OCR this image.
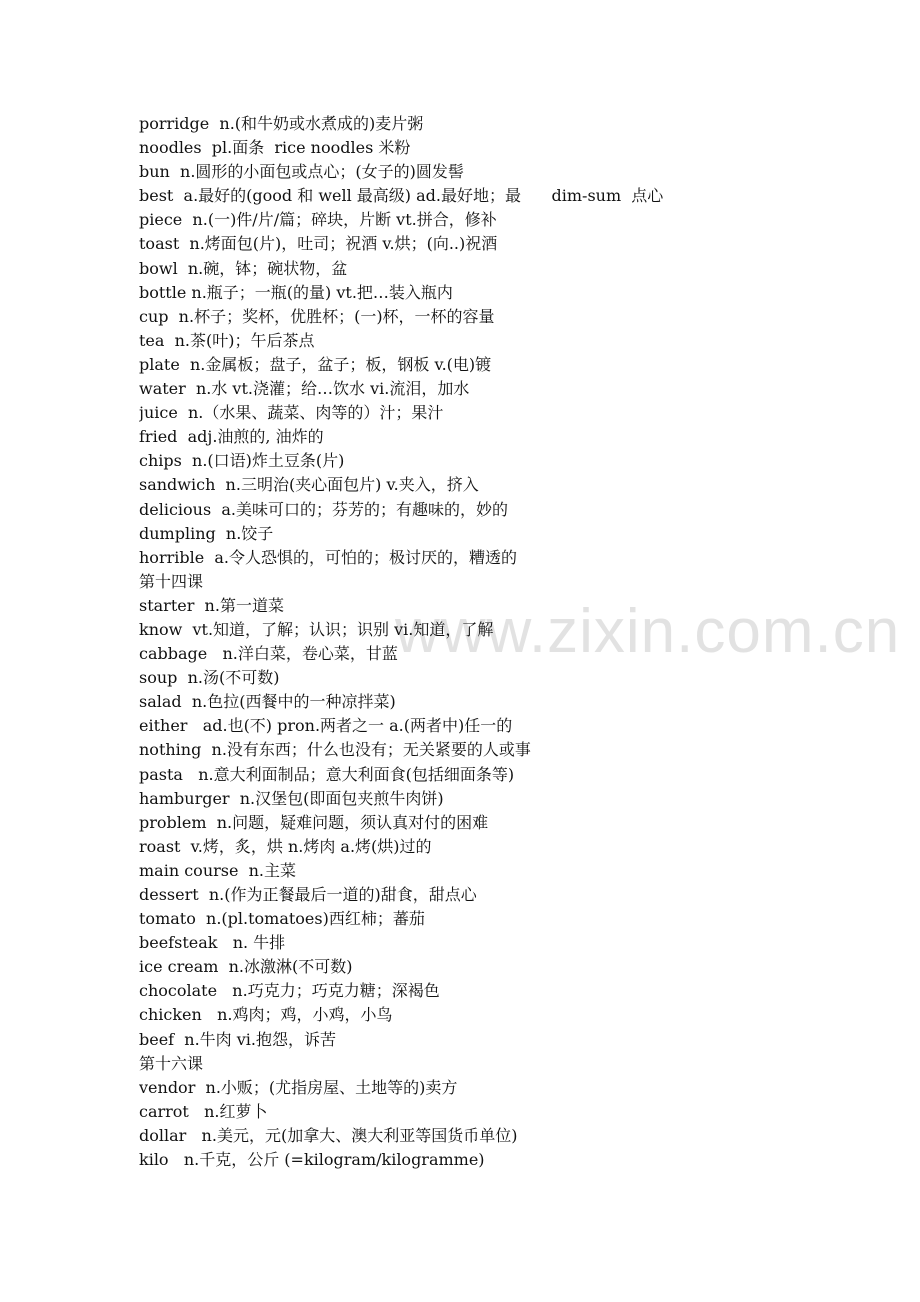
www.zixin.com.cn
porridge  n.(和牛奶或水煮成的)麦片粥
noodles  pl.面条  rice noodles 米粉
bun  n.圆形的小面包或点心；(女子的)圆发髻
best  a.最好的(good 和 well 最高级) ad.最好地；最      dim-sum  点心
piece  n.(一)件/片/篇；碎块，片断 vt.拼合，修补
toast  n.烤面包(片)，吐司；祝酒 v.烘；(向..)祝酒
bowl  n.碗，钵；碗状物，盆
bottle n.瓶子；一瓶(的量) vt.把…装入瓶内
cup  n.杯子；奖杯，优胜杯；(一)杯，一杯的容量
tea  n.茶(叶)；午后茶点
plate  n.金属板；盘子，盆子；板，钢板 v.(电)镀
water  n.水 vt.浇灌；给…饮水 vi.流泪，加水
juice  n.（水果、蔬菜、肉等的）汁；果汁
fried  adj.油煎的, 油炸的
chips  n.(口语)炸土豆条(片)
sandwich  n.三明治(夹心面包片) v.夹入，挤入
delicious  a.美味可口的；芬芳的；有趣味的，妙的
dumpling  n.饺子
horrible  a.令人恐惧的，可怕的；极讨厌的，糟透的
第十四课
starter  n.第一道菜
know  vt.知道，了解；认识；识别 vi.知道，了解
cabbage   n.洋白菜，卷心菜，甘蓝
soup  n.汤(不可数)
salad  n.色拉(西餐中的一种凉拌菜)
either   ad.也(不) pron.两者之一 a.(两者中)任一的
nothing  n.没有东西；什么也没有；无关紧要的人或事
pasta   n.意大利面制品；意大利面食(包括细面条等)
hamburger  n.汉堡包(即面包夹煎牛肉饼)
problem  n.问题，疑难问题，须认真对付的困难
roast  v.烤，炙，烘 n.烤肉 a.烤(烘)过的
main course  n.主菜
dessert  n.(作为正餐最后一道的)甜食，甜点心
tomato  n.(pl.tomatoes)西红柿；蕃茄
beefsteak   n. 牛排
ice cream  n.冰激淋(不可数)
chocolate   n.巧克力；巧克力糖；深褐色
chicken   n.鸡肉；鸡，小鸡，小鸟
beef  n.牛肉 vi.抱怨，诉苦
第十六课
vendor  n.小贩；(尤指房屋、土地等的)卖方
carrot   n.红萝卜
dollar   n.美元，元(加拿大、澳大利亚等国货币单位)
kilo   n.千克，公斤 (=kilogram/kilogramme)
